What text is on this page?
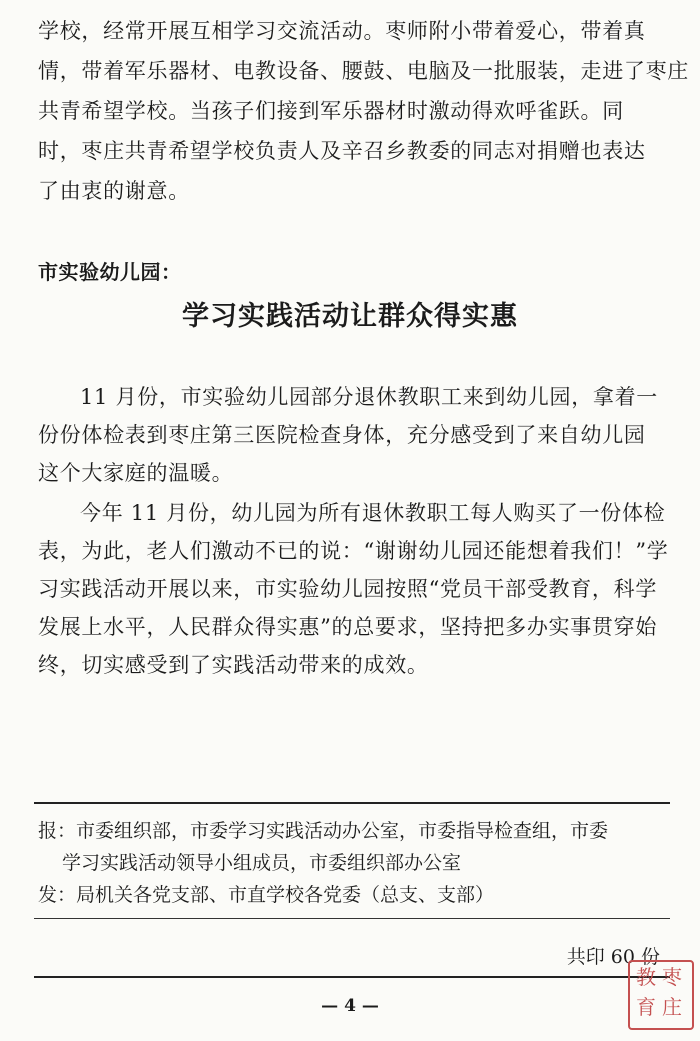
学校，经常开展互相学习交流活动。枣师附小带着爱心，带着真
情，带着军乐器材、电教设备、腰鼓、电脑及一批服装，走进了枣庄
共青希望学校。当孩子们接到军乐器材时激动得欢呼雀跃。同
时，枣庄共青希望学校负责人及辛召乡教委的同志对捐赠也表达
了由衷的谢意。
市实验幼儿园：
学习实践活动让群众得实惠
11 月份，市实验幼儿园部分退休教职工来到幼儿园，拿着一
份份体检表到枣庄第三医院检查身体，充分感受到了来自幼儿园
这个大家庭的温暖。
今年 11 月份，幼儿园为所有退休教职工每人购买了一份体检
表，为此，老人们激动不已的说：“谢谢幼儿园还能想着我们！”学
习实践活动开展以来，市实验幼儿园按照“党员干部受教育，科学
发展上水平，人民群众得实惠”的总要求，坚持把多办实事贯穿始
终，切实感受到了实践活动带来的成效。
报：市委组织部，市委学习实践活动办公室，市委指导检查组，市委
学习实践活动领导小组成员，市委组织部办公室
发：局机关各党支部、市直学校各党委（总支、支部）
共印 60 份
— 4 —
枣
庄
教
育
